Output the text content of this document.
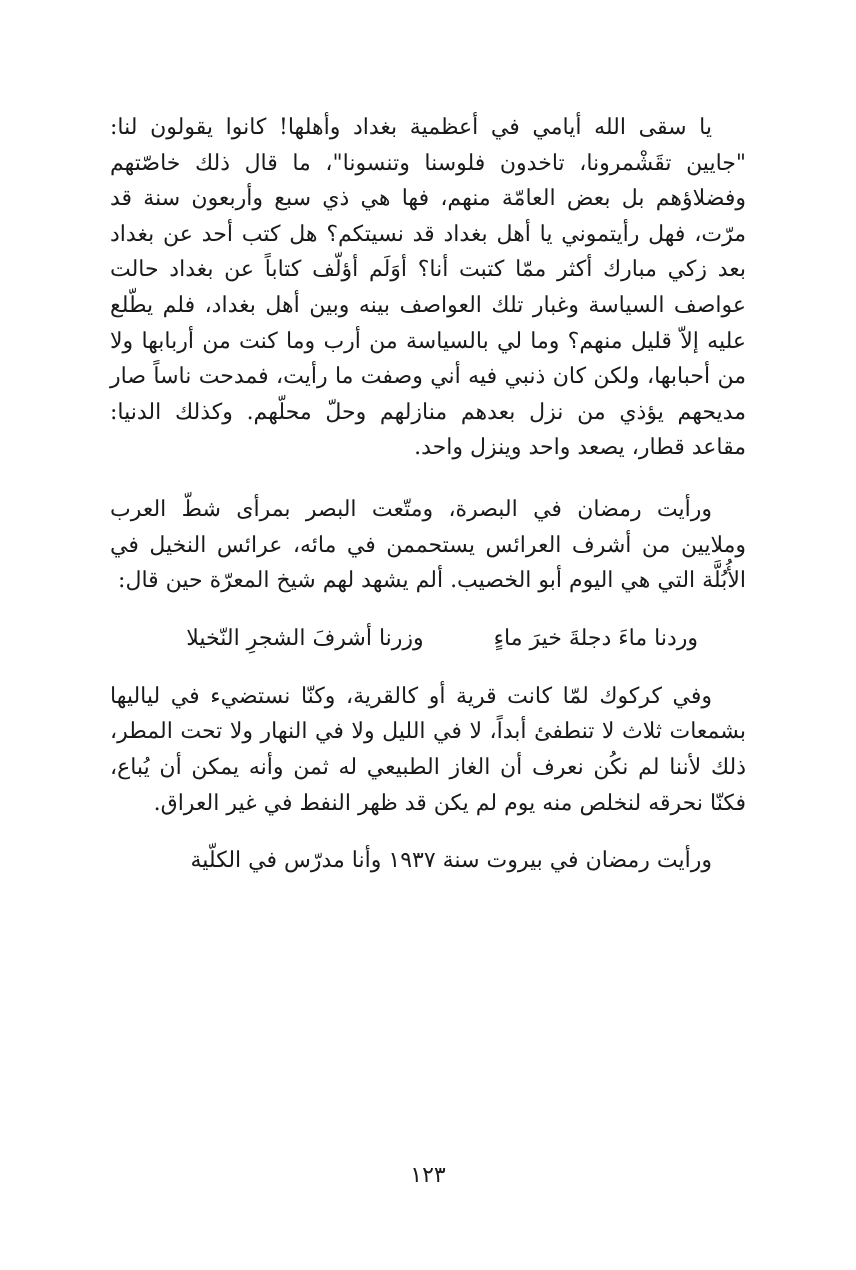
يا سقى الله أيامي في أعظمية بغداد وأهلها! كانوا يقولون لنا: "جايين تقَشْمرونا، تاخدون فلوسنا وتنسونا"، ما قال ذلك خاصّتهم وفضلاؤهم بل بعض العامّة منهم، فها هي ذي سبع وأربعون سنة قد مرّت، فهل رأيتموني يا أهل بغداد قد نسيتكم؟ هل كتب أحد عن بغداد بعد زكي مبارك أكثر ممّا كتبت أنا؟ أوَلَم أؤلّف كتاباً عن بغداد حالت عواصف السياسة وغبار تلك العواصف بينه وبين أهل بغداد، فلم يطّلع عليه إلاّ قليل منهم؟ وما لي بالسياسة من أرب وما كنت من أربابها ولا من أحبابها، ولكن كان ذنبي فيه أني وصفت ما رأيت، فمدحت ناساً صار مديحهم يؤذي من نزل بعدهم منازلهم وحلّ محلّهم. وكذلك الدنيا: مقاعد قطار، يصعد واحد وينزل واحد.

ورأيت رمضان في البصرة، ومتّعت البصر بمرأى شطّ العرب وملايين من أشرف العرائس يستحممن في مائه، عرائس النخيل في الأُبُلَّة التي هي اليوم أبو الخصيب. ألم يشهد لهم شيخ المعرّة حين قال:

وردنا ماءَ دجلةَ خيرَ ماءٍ
وزرنا أشرفَ الشجرِ النّخيلا

وفي كركوك لمّا كانت قرية أو كالقرية، وكنّا نستضيء في لياليها بشمعات ثلاث لا تنطفئ أبداً، لا في الليل ولا في النهار ولا تحت المطر، ذلك لأننا لم نكُن نعرف أن الغاز الطبيعي له ثمن وأنه يمكن أن يُباع، فكنّا نحرقه لنخلص منه يوم لم يكن قد ظهر النفط في غير العراق.

ورأيت رمضان في بيروت سنة ١٩٣٧ وأنا مدرّس في الكلّية

١٢٣
